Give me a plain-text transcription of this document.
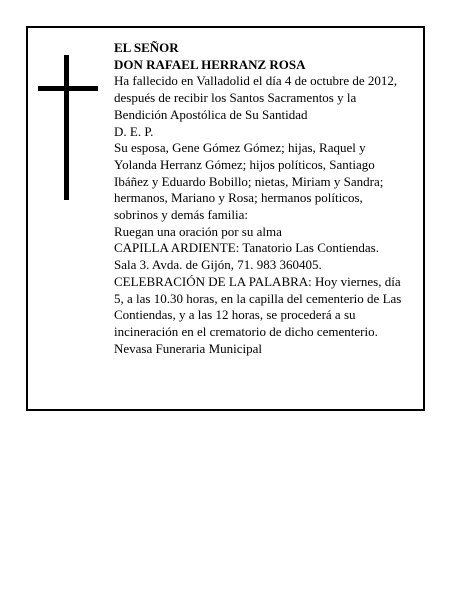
EL SEÑOR
DON RAFAEL HERRANZ ROSA
Ha fallecido en Valladolid el día 4 de octubre de 2012,
después de recibir los Santos Sacramentos y la
Bendición Apostólica de Su Santidad
D. E. P.
Su esposa, Gene Gómez Gómez; hijas, Raquel y
Yolanda Herranz Gómez; hijos políticos, Santiago
Ibáñez y Eduardo Bobillo; nietas, Miriam y Sandra;
hermanos, Mariano y Rosa; hermanos políticos,
sobrinos y demás familia:
Ruegan una oración por su alma
CAPILLA ARDIENTE: Tanatorio Las Contiendas.
Sala 3. Avda. de Gijón, 71. 983 360405.
CELEBRACIÓN DE LA PALABRA: Hoy viernes, día
5, a las 10.30 horas, en la capilla del cementerio de Las
Contiendas, y a las 12 horas, se procederá a su
incineración en el crematorio de dicho cementerio.
Nevasa Funeraria Municipal
